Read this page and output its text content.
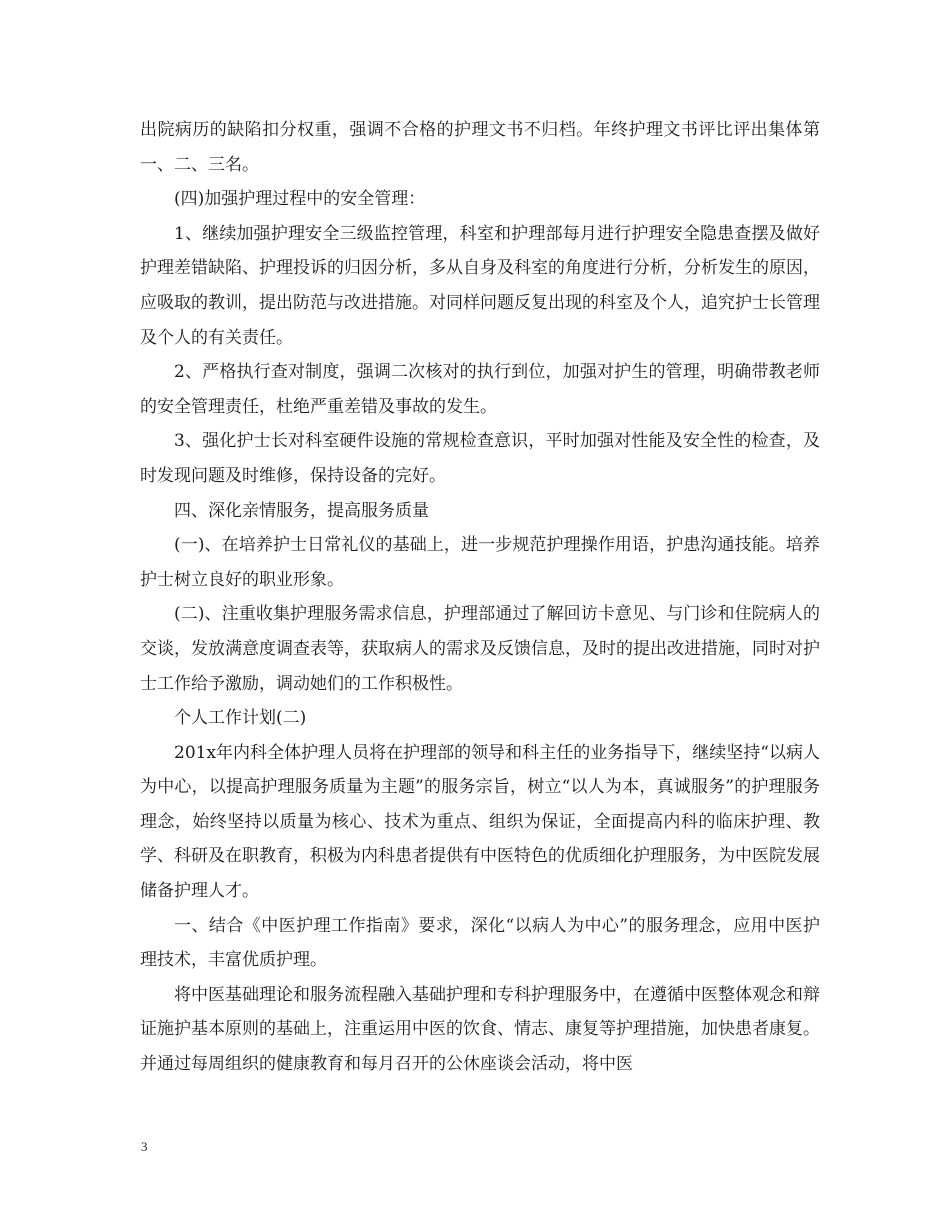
出院病历的缺陷扣分权重，强调不合格的护理文书不归档。年终护理文书评比评出集体第一、二、三名。

(四)加强护理过程中的安全管理：

1、继续加强护理安全三级监控管理，科室和护理部每月进行护理安全隐患查摆及做好护理差错缺陷、护理投诉的归因分析，多从自身及科室的角度进行分析，分析发生的原因，应吸取的教训，提出防范与改进措施。对同样问题反复出现的科室及个人，追究护士长管理及个人的有关责任。

2、严格执行查对制度，强调二次核对的执行到位，加强对护生的管理，明确带教老师的安全管理责任，杜绝严重差错及事故的发生。

3、强化护士长对科室硬件设施的常规检查意识，平时加强对性能及安全性的检查，及时发现问题及时维修，保持设备的完好。

四、深化亲情服务，提高服务质量

(一)、在培养护士日常礼仪的基础上，进一步规范护理操作用语，护患沟通技能。培养护士树立良好的职业形象。

(二)、注重收集护理服务需求信息，护理部通过了解回访卡意见、与门诊和住院病人的交谈，发放满意度调查表等，获取病人的需求及反馈信息，及时的提出改进措施，同时对护士工作给予激励，调动她们的工作积极性。

个人工作计划(二)

201x年内科全体护理人员将在护理部的领导和科主任的业务指导下，继续坚持“以病人为中心，以提高护理服务质量为主题”的服务宗旨，树立“以人为本，真诚服务”的护理服务理念，始终坚持以质量为核心、技术为重点、组织为保证，全面提高内科的临床护理、教学、科研及在职教育，积极为内科患者提供有中医特色的优质细化护理服务，为中医院发展储备护理人才。

一、结合《中医护理工作指南》要求，深化“以病人为中心”的服务理念，应用中医护理技术，丰富优质护理。

将中医基础理论和服务流程融入基础护理和专科护理服务中，在遵循中医整体观念和辩证施护基本原则的基础上，注重运用中医的饮食、情志、康复等护理措施，加快患者康复。并通过每周组织的健康教育和每月召开的公休座谈会活动，将中医

3
